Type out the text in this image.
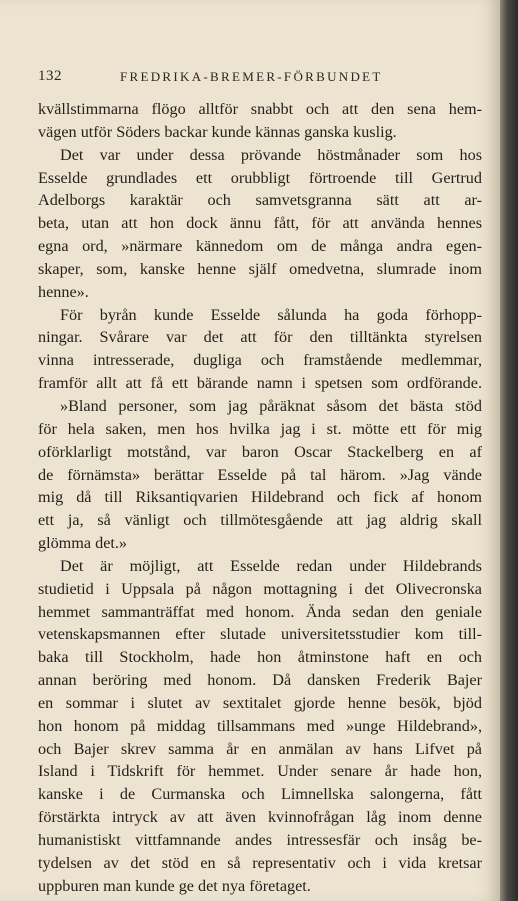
132	FREDRIKA-BREMER-FÖRBUNDET
kvällstimmarna flögo alltför snabbt och att den sena hem-
vägen utför Söders backar kunde kännas ganska kuslig.
Det var under dessa prövande höstmånader som hos
Esselde grundlades ett orubbligt förtroende till Gertrud
Adelborgs karaktär och samvetsgranna sätt att ar-
beta, utan att hon dock ännu fått, för att använda hennes
egna ord, »närmare kännedom om de många andra egen-
skaper, som, kanske henne själf omedvetna, slumrade inom
henne».
För byrån kunde Esselde sålunda ha goda förhopp-
ningar. Svårare var det att för den tilltänkta styrelsen
vinna intresserade, dugliga och framstående medlemmar,
framför allt att få ett bärande namn i spetsen som ordförande.
»Bland personer, som jag påräknat såsom det bästa stöd
för hela saken, men hos hvilka jag i st. mötte ett för mig
oförklarligt motstånd, var baron Oscar Stackelberg en af
de förnämsta» berättar Esselde på tal härom. »Jag vände
mig då till Riksantiqvarien Hildebrand och fick af honom
ett ja, så vänligt och tillmötesgående att jag aldrig skall
glömma det.»
Det är möjligt, att Esselde redan under Hildebrands
studietid i Uppsala på någon mottagning i det Olivecronska
hemmet sammanträffat med honom. Ända sedan den geniale
vetenskapsmannen efter slutade universitetsstudier kom till-
baka till Stockholm, hade hon åtminstone haft en och
annan beröring med honom. Då dansken Frederik Bajer
en sommar i slutet av sextitalet gjorde henne besök, bjöd
hon honom på middag tillsammans med »unge Hildebrand»,
och Bajer skrev samma år en anmälan av hans Lifvet på
Island i Tidskrift för hemmet. Under senare år hade hon,
kanske i de Curmanska och Limnellska salongerna, fått
förstärkta intryck av att även kvinnofrågan låg inom denne
humanistiskt vittfamnande andes intressesfär och insåg be-
tydelsen av det stöd en så representativ och i vida kretsar
uppburen man kunde ge det nya företaget.
